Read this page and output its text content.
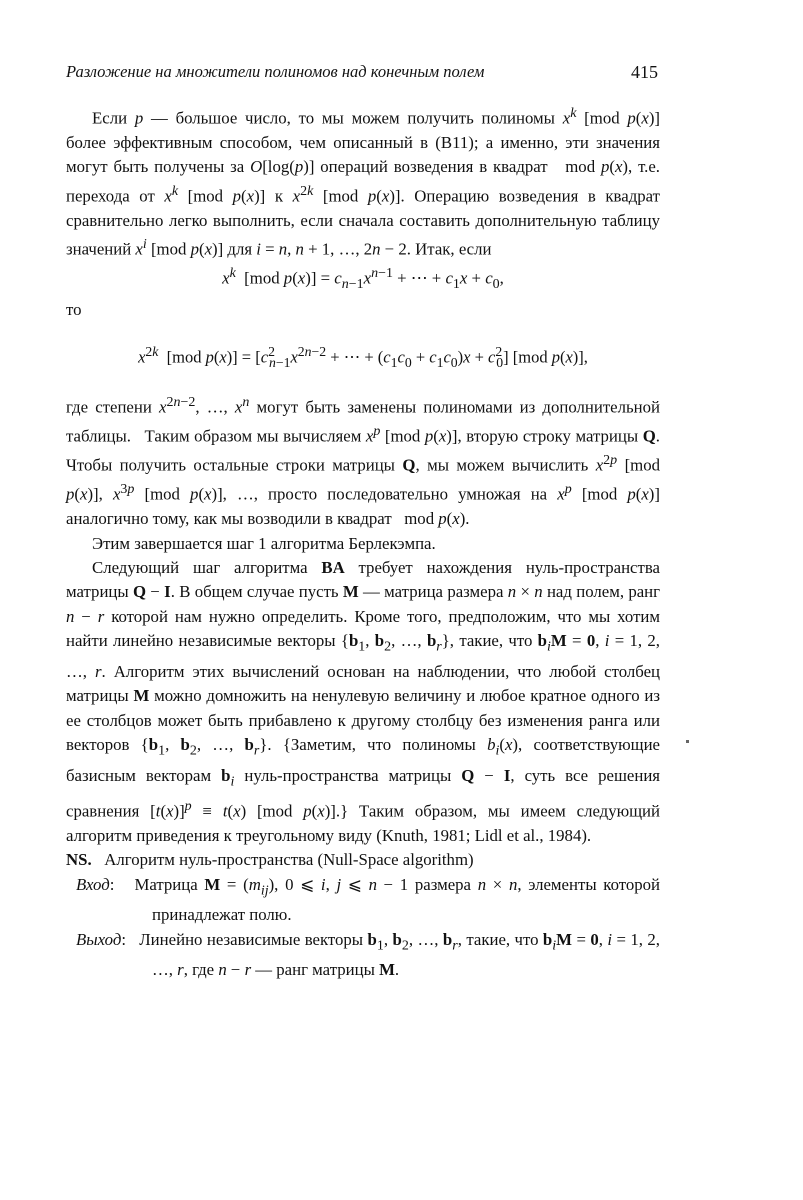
Разложение на множители полиномов над конечным полем	415

Если p — большое число, то мы можем получить полиномы $x^k$ [mod p(x)] более эффективным способом, чем описанный в (B11); а именно, эти значения могут быть получены за O[log(p)] операций возведения в квадрат   mod p(x), т.е. перехода от $x^k$ [mod p(x)] к $x^{2k}$ [mod p(x)]. Операцию возведения в квадрат сравнительно легко выполнить, если сначала составить дополнительную таблицу значений $x^i$ [mod p(x)] для i = n, n + 1, …, 2n − 2. Итак, если

$x^k$  [mod $p(x)] = c_{n-1}x^{n-1}$ + ⋯ + $c_1x + c_0$,

то

$x^{2k}$  [mod $p(x)] = [c^2_{n-1}x^{2n-2}$ + ⋯ + $(c_1c_0 + c_1c_0)x + c^2_0$] [mod p(x)],

где степени $x^{2n-2}$, …, $x^n$ могут быть заменены полиномами из дополнительной таблицы.   Таким образом мы вычисляем $x^p$ [mod p(x)], вторую строку матрицы Q. Чтобы получить остальные строки матрицы Q, мы можем вычислить $x^{2p}$ [mod p(x)], $x^{3p}$ [mod p(x)], …, просто последовательно умножая на $x^p$ [mod p(x)] аналогично тому, как мы возводили в квадрат   mod p(x).

Этим завершается шаг 1 алгоритма Берлекэмпа.

Следующий шаг алгоритма BA требует нахождения нуль-пространства матрицы Q − I. В общем случае пусть M — матрица размера n × n над полем, ранг n − r которой нам нужно определить. Кроме того, предположим, что мы хотим найти линейно независимые векторы {$b_1$, $b_2$, …, $b_r$}, такие, что $b_iM = 0$, i = 1, 2, …, r. Алгоритм этих вычислений основан на наблюдении, что любой столбец матрицы M можно домножить на ненулевую величину и любое кратное одного из ее столбцов может быть прибавлено к другому столбцу без изменения ранга или векторов {$b_1$, $b_2$, …, $b_r$}. {Заметим, что полиномы $b_i(x)$, соответствующие базисным векторам $b_i$ нуль-пространства матрицы Q − I, суть все решения сравнения $[t(x)]^p \equiv t(x)$ [mod p(x)].} Таким образом, мы имеем следующий алгоритм приведения к треугольному виду (Knuth, 1981; Lidl et al., 1984).

NS. Алгоритм нуль-пространства (Null-Space algorithm)

Вход:   Матрица $M = (m_{ij})$, 0 ⩽ i, j ⩽ n − 1 размера n × n, элементы которой принадлежат полю.

Выход:   Линейно независимые векторы $b_1$, $b_2$, …, $b_r$, такие, что $b_iM = 0$, i = 1, 2, …, r, где n − r — ранг матрицы M.
